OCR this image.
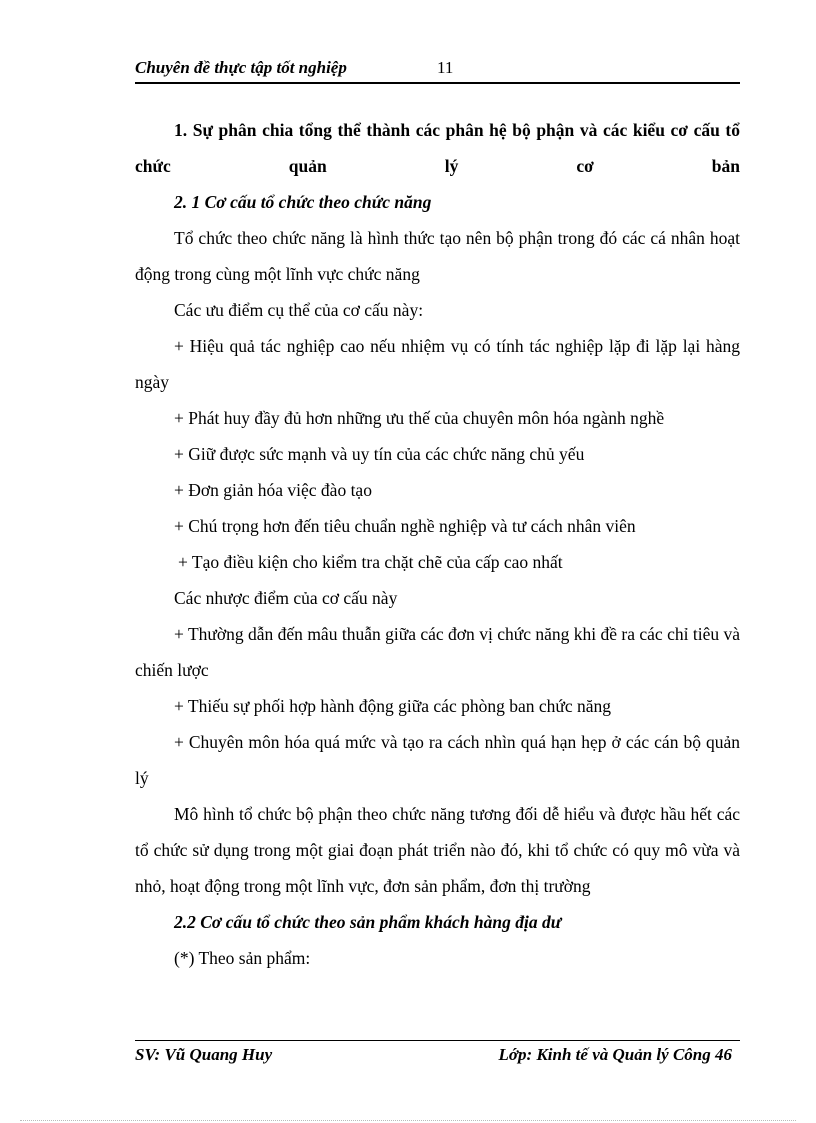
Chuyên đề thực tập tốt nghiệp	11

1. Sự phân chia tổng thể thành các phân hệ bộ phận và các kiểu cơ cấu tổ chức quản lý cơ bản

2. 1 Cơ cấu tổ chức theo chức năng

Tổ chức theo chức năng là hình thức tạo nên bộ phận trong đó các cá nhân hoạt động trong cùng một lĩnh vực chức năng

Các ưu điểm cụ thể của cơ cấu này:

+ Hiệu quả tác nghiệp cao nếu nhiệm vụ có tính tác nghiệp lặp đi lặp lại hàng ngày

+ Phát huy đầy đủ hơn những ưu thế của chuyên môn hóa ngành nghề

+ Giữ được sức mạnh và uy tín của các chức năng chủ yếu

+ Đơn giản hóa việc đào tạo

+ Chú trọng hơn đến tiêu chuẩn nghề nghiệp và tư cách nhân viên

+ Tạo điều kiện cho kiểm tra chặt chẽ của cấp cao nhất

Các nhược điểm của cơ cấu này

+ Thường dẫn đến mâu thuẫn giữa các đơn vị chức năng khi đề ra các chỉ tiêu và chiến lược

+ Thiếu sự phối hợp hành động giữa các phòng ban chức năng

+ Chuyên môn hóa quá mức và tạo ra cách nhìn quá hạn hẹp ở các cán bộ quản lý

Mô hình tổ chức bộ phận theo chức năng tương đối dễ hiểu và được hầu hết các tổ chức sử dụng trong một giai đoạn phát triển nào đó, khi tổ chức có quy mô vừa và nhỏ, hoạt động trong một lĩnh vực, đơn sản phẩm, đơn thị trường

2.2 Cơ cấu tổ chức theo sản phẩm khách hàng địa dư

(*) Theo sản phẩm:

SV: Vũ Quang Huy	Lớp: Kinh tế và Quản lý Công 46
